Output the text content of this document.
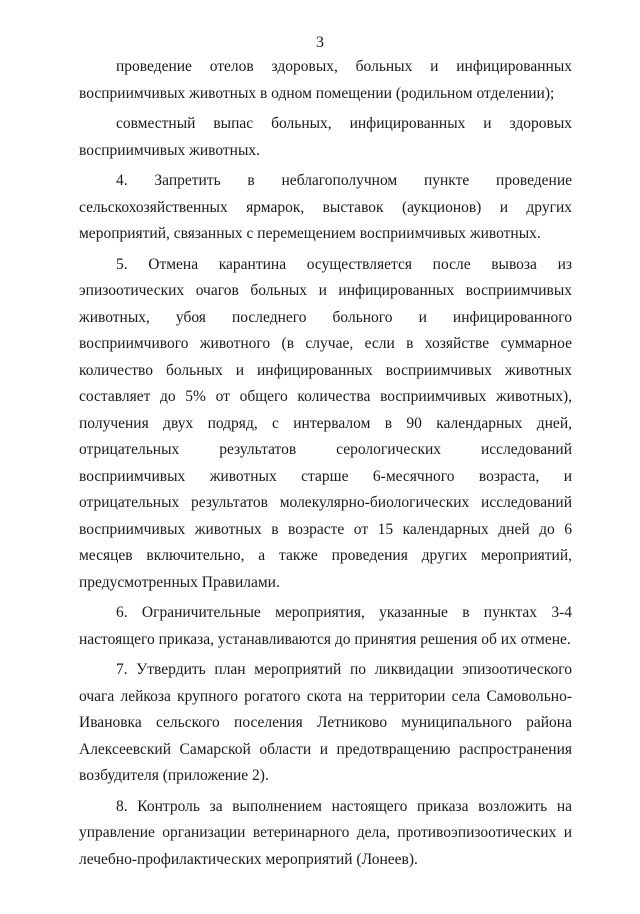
3

проведение отелов здоровых, больных и инфицированных восприимчивых животных в одном помещении (родильном отделении);

совместный выпас больных, инфицированных и здоровых восприимчивых животных.

4. Запретить в неблагополучном пункте проведение сельскохозяйственных ярмарок, выставок (аукционов) и других мероприятий, связанных с перемещением восприимчивых животных.

5. Отмена карантина осуществляется после вывоза из эпизоотических очагов больных и инфицированных восприимчивых животных, убоя последнего больного и инфицированного восприимчивого животного (в случае, если в хозяйстве суммарное количество больных и инфицированных восприимчивых животных составляет до 5% от общего количества восприимчивых животных), получения двух подряд, с интервалом в 90 календарных дней, отрицательных результатов серологических исследований восприимчивых животных старше 6-месячного возраста, и отрицательных результатов молекулярно-биологических исследований восприимчивых животных в возрасте от 15 календарных дней до 6 месяцев включительно, а также проведения других мероприятий, предусмотренных Правилами.

6. Ограничительные мероприятия, указанные в пунктах 3-4 настоящего приказа, устанавливаются до принятия решения об их отмене.

7. Утвердить план мероприятий по ликвидации эпизоотического очага лейкоза крупного рогатого скота на территории села Самовольно-Ивановка сельского поселения Летниково муниципального района Алексеевский Самарской области и предотвращению распространения возбудителя (приложение 2).

8. Контроль за выполнением настоящего приказа возложить на управление организации ветеринарного дела, противоэпизоотических и лечебно-профилактических мероприятий (Лонеев).
